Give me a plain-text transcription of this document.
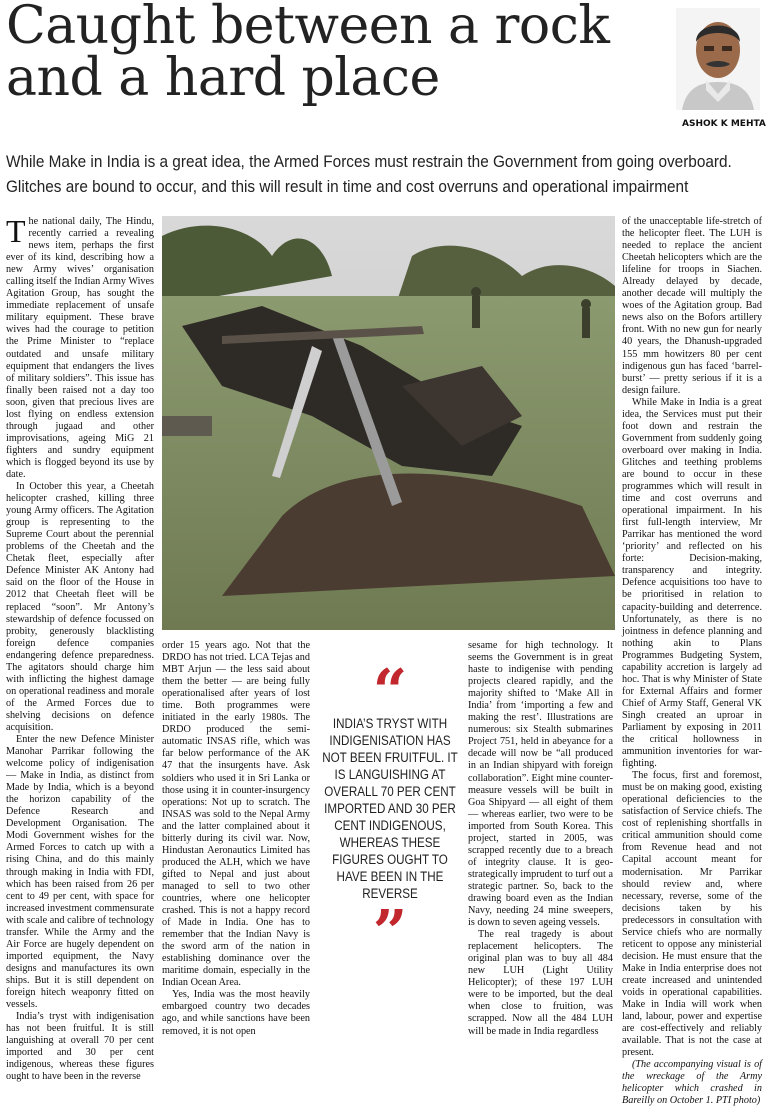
Caught between a rock
and a hard place
ASHOK K MEHTA
While Make in India is a great idea, the Armed Forces must restrain the Government from going overboard. Glitches are bound to occur, and this will result in time and cost overruns and operational impairment

The national daily, The Hindu, recently carried a revealing news item, perhaps the first ever of its kind, describing how a new Army wives’ organisation calling itself the Indian Army Wives Agitation Group, has sought the immediate replacement of unsafe military equipment. These brave wives had the courage to petition the Prime Minister to “replace outdated and unsafe military equipment that endangers the lives of military soldiers”. This issue has finally been raised not a day too soon, given that precious lives are lost flying on endless extension through jugaad and other improvisations, ageing MiG 21 fighters and sundry equipment which is flogged beyond its use by date.

In October this year, a Cheetah helicopter crashed, killing three young Army officers. The Agitation group is representing to the Supreme Court about the perennial problems of the Cheetah and the Chetak fleet, especially after Defence Minister AK Antony had said on the floor of the House in 2012 that Cheetah fleet will be replaced “soon”. Mr Antony’s stewardship of defence focussed on probity, generously blacklisting foreign defence companies endangering defence preparedness. The agitators should charge him with inflicting the highest damage on operational readiness and morale of the Armed Forces due to shelving decisions on defence acquisition.

Enter the new Defence Minister Manohar Parrikar following the welcome policy of indigenisation — Make in India, as distinct from Made by India, which is a beyond the horizon capability of the Defence Research and Development Organisation. The Modi Government wishes for the Armed Forces to catch up with a rising China, and do this mainly through making in India with FDI, which has been raised from 26 per cent to 49 per cent, with space for increased investment commensurate with scale and calibre of technology transfer. While the Army and the Air Force are hugely dependent on imported equipment, the Navy designs and manufactures its own ships. But it is still dependent on foreign hitech weaponry fitted on vessels.

India’s tryst with indigenisation has not been fruitful. It is still languishing at overall 70 per cent imported and 30 per cent indigenous, whereas these figures ought to have been in the reverse

order 15 years ago. Not that the DRDO has not tried. LCA Tejas and MBT Arjun — the less said about them the better — are being fully operationalised after years of lost time. Both programmes were initiated in the early 1980s. The DRDO produced the semi-automatic INSAS rifle, which was far below performance of the AK 47 that the insurgents have. Ask soldiers who used it in Sri Lanka or those using it in counter-insurgency operations: Not up to scratch. The INSAS was sold to the Nepal Army and the latter complained about it bitterly during its civil war. Now, Hindustan Aeronautics Limited has produced the ALH, which we have gifted to Nepal and just about managed to sell to two other countries, where one helicopter crashed. This is not a happy record of Made in India. One has to remember that the Indian Navy is the sword arm of the nation in establishing dominance over the maritime domain, especially in the Indian Ocean Area.

Yes, India was the most heavily embargoed country two decades ago, and while sanctions have been removed, it is not open

“
INDIA’S TRYST WITH INDIGENISATION HAS NOT BEEN FRUITFUL. IT IS LANGUISHING AT OVERALL 70 PER CENT IMPORTED AND 30 PER CENT INDIGENOUS, WHEREAS THESE FIGURES OUGHT TO HAVE BEEN IN THE REVERSE
”

sesame for high technology. It seems the Government is in great haste to indigenise with pending projects cleared rapidly, and the majority shifted to ‘Make All in India’ from ‘importing a few and making the rest’. Illustrations are numerous: six Stealth submarines Project 751, held in abeyance for a decade will now be “all produced in an Indian shipyard with foreign collaboration”. Eight mine counter-measure vessels will be built in Goa Shipyard — all eight of them — whereas earlier, two were to be imported from South Korea. This project, started in 2005, was scrapped recently due to a breach of integrity clause. It is geo-strategically imprudent to turf out a strategic partner. So, back to the drawing board even as the Indian Navy, needing 24 mine sweepers, is down to seven ageing vessels.

The real tragedy is about replacement helicopters. The original plan was to buy all 484 new LUH (Light Utility Helicopter); of these 197 LUH were to be imported, but the deal when close to fruition, was scrapped. Now all the 484 LUH will be made in India regardless

of the unacceptable life-stretch of the helicopter fleet. The LUH is needed to replace the ancient Cheetah helicopters which are the lifeline for troops in Siachen. Already delayed by decade, another decade will multiply the woes of the Agitation group. Bad news also on the Bofors artillery front. With no new gun for nearly 40 years, the Dhanush-upgraded 155 mm howitzers 80 per cent indigenous gun has faced ‘barrel-burst’ — pretty serious if it is a design failure.

While Make in India is a great idea, the Services must put their foot down and restrain the Government from suddenly going overboard over making in India. Glitches and teething problems are bound to occur in these programmes which will result in time and cost overruns and operational impairment. In his first full-length interview, Mr Parrikar has mentioned the word ‘priority’ and reflected on his forte: Decision-making, transparency and integrity. Defence acquisitions too have to be prioritised in relation to capacity-building and deterrence. Unfortunately, as there is no jointness in defence planning and nothing akin to Plans Programmes Budgeting System, capability accretion is largely ad hoc. That is why Minister of State for External Affairs and former Chief of Army Staff, General VK Singh created an uproar in Parliament by exposing in 2011 the critical hollowness in ammunition inventories for war-fighting.

The focus, first and foremost, must be on making good, existing operational deficiencies to the satisfaction of Service chiefs. The cost of replenishing shortfalls in critical ammunition should come from Revenue head and not Capital account meant for modernisation. Mr Parrikar should review and, where necessary, reverse, some of the decisions taken by his predecessors in consultation with Service chiefs who are normally reticent to oppose any ministerial decision. He must ensure that the Make in India enterprise does not create increased and unintended voids in operational capabilities. Make in India will work when land, labour, power and expertise are cost-effectively and reliably available. That is not the case at present.

(The accompanying visual is of the wreckage of the Army helicopter which crashed in Bareilly on October 1. PTI photo)
